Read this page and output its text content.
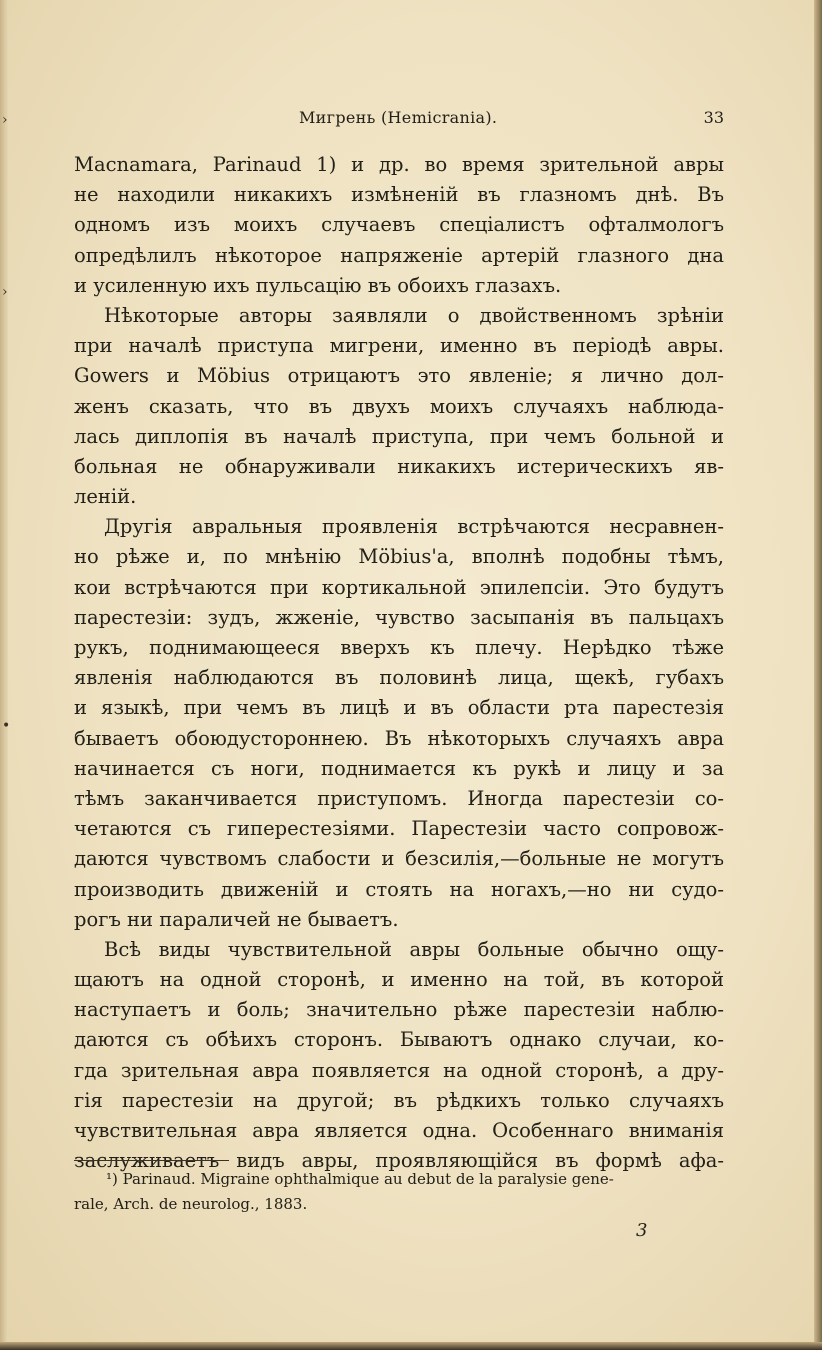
›
›
•
Мигрень (Hemicrania).	33
Macnamara, Parinaud 1) и др. во время зрительной авры
не находили никакихъ измѣненій въ глазномъ днѣ. Въ
одномъ изъ моихъ случаевъ спеціалистъ офталмологъ
опредѣлилъ нѣкоторое напряженіе артерій глазного дна
и усиленную ихъ пульсацію въ обоихъ глазахъ.
Нѣкоторые авторы заявляли о двойственномъ зрѣніи
при началѣ приступа мигрени, именно въ періодѣ авры.
Gowers и Möbius отрицаютъ это явленіе; я лично дол-
женъ сказать, что въ двухъ моихъ случаяхъ наблюда-
лась диплопія въ началѣ приступа, при чемъ больной и
больная не обнаруживали никакихъ истерическихъ яв-
леній.
Другія авральныя проявленія встрѣчаются несравнен-
но рѣже и, по мнѣнію Möbius'а, вполнѣ подобны тѣмъ,
кои встрѣчаются при кортикальной эпилепсіи. Это будутъ
парестезіи: зудъ, жженіе, чувство засыпанія въ пальцахъ
рукъ, поднимающееся вверхъ къ плечу. Нерѣдко тѣже
явленія наблюдаются въ половинѣ лица, щекѣ, губахъ
и языкѣ, при чемъ въ лицѣ и въ области рта парестезія
бываетъ обоюдустороннею. Въ нѣкоторыхъ случаяхъ авра
начинается съ ноги, поднимается къ рукѣ и лицу и за
тѣмъ заканчивается приступомъ. Иногда парестезіи со-
четаются съ гиперестезіями. Парестезіи часто сопровож-
даются чувствомъ слабости и безсилія,—больные не могутъ
производить движеній и стоять на ногахъ,—но ни судо-
рогъ ни параличей не бываетъ.
Всѣ виды чувствительной авры больные обычно ощу-
щаютъ на одной сторонѣ, и именно на той, въ которой
наступаетъ и боль; значительно рѣже парестезіи наблю-
даются съ обѣихъ сторонъ. Бываютъ однако случаи, ко-
гда зрительная авра появляется на одной сторонѣ, а дру-
гія парестезіи на другой; въ рѣдкихъ только случаяхъ
чувствительная авра является одна. Особеннаго вниманія
заслуживаетъ видъ авры, проявляющійся въ формѣ афа-
¹) Parinaud. Migraine ophthalmique au debut de la paralysie gene-
rale, Arch. de neurolog., 1883.
3
